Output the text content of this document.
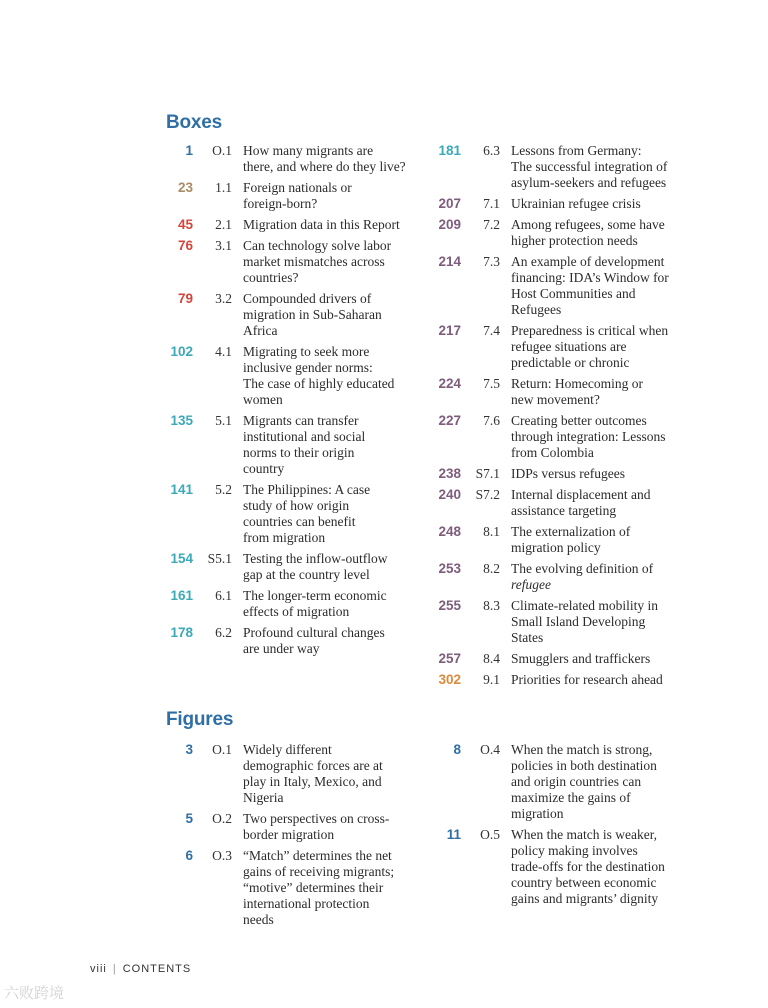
Boxes
1	O.1 How many migrants are
there, and where do they live?
23	1.1 Foreign nationals or
foreign-born?
45	2.1 Migration data in this Report
76	3.1 Can technology solve labor
market mismatches across
countries?
79	3.2 Compounded drivers of
migration in Sub-Saharan
Africa
102	4.1 Migrating to seek more
inclusive gender norms:
The case of highly educated
women
135	5.1 Migrants can transfer
institutional and social
norms to their origin
country
141	5.2 The Philippines: A case
study of how origin
countries can benefit
from migration
154	S5.1 Testing the inflow-outflow
gap at the country level
161	6.1 The longer-term economic
effects of migration
178	6.2 Profound cultural changes
are under way
181	6.3 Lessons from Germany:
The successful integration of
asylum-seekers and refugees
207	7.1 Ukrainian refugee crisis
209	7.2 Among refugees, some have
higher protection needs
214	7.3 An example of development
financing: IDA’s Window for
Host Communities and
Refugees
217	7.4 Preparedness is critical when
refugee situations are
predictable or chronic
224	7.5 Return: Homecoming or
new movement?
227	7.6 Creating better outcomes
through integration: Lessons
from Colombia
238	S7.1 IDPs versus refugees
240	S7.2 Internal displacement and
assistance targeting
248	8.1 The externalization of
migration policy
253	8.2 The evolving definition of
refugee
255	8.3 Climate-related mobility in
Small Island Developing
States
257	8.4 Smugglers and traffickers
302	9.1 Priorities for research ahead
Figures
3	O.1 Widely different
demographic forces are at
play in Italy, Mexico, and
Nigeria
5	O.2 Two perspectives on cross-
border migration
6	O.3 “Match” determines the net
gains of receiving migrants;
“motive” determines their
international protection
needs
8	O.4 When the match is strong,
policies in both destination
and origin countries can
maximize the gains of
migration
11	O.5 When the match is weaker,
policy making involves
trade-offs for the destination
country between economic
gains and migrants’ dignity
viii | CONTENTS
六败跨境
